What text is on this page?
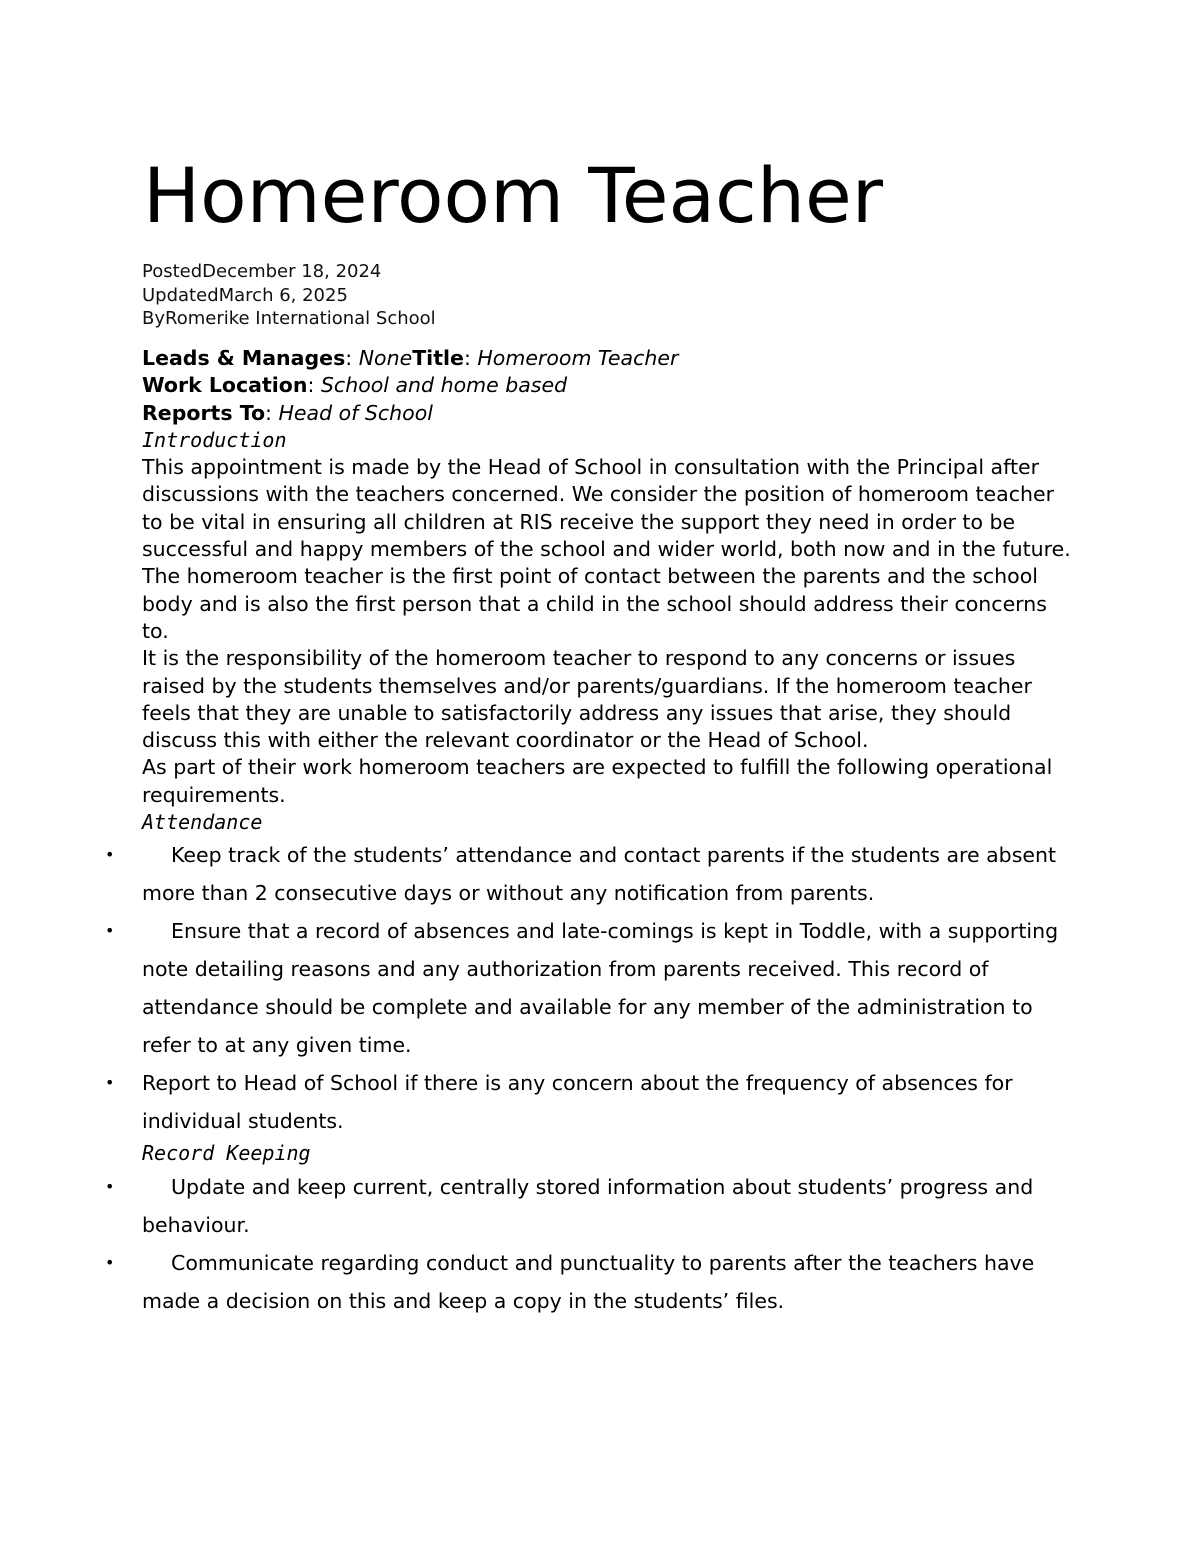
Homeroom Teacher
PostedDecember 18, 2024
UpdatedMarch 6, 2025
ByRomerike International School
Leads & Manages: NoneTitle: Homeroom Teacher
Work Location: School and home based
Reports To: Head of School
Introduction

This appointment is made by the Head of School in consultation with the Principal after discussions with the teachers concerned. We consider the position of homeroom teacher to be vital in ensuring all children at RIS receive the support they need in order to be successful and happy members of the school and wider world, both now and in the future.

The homeroom teacher is the first point of contact between the parents and the school body and is also the first person that a child in the school should address their concerns to.

It is the responsibility of the homeroom teacher to respond to any concerns or issues raised by the students themselves and/or parents/guardians. If the homeroom teacher feels that they are unable to satisfactorily address any issues that arise, they should discuss this with either the relevant coordinator or the Head of School.

As part of their work homeroom teachers are expected to fulfill the following operational requirements.

Attendance
•	Keep track of the students’ attendance and contact parents if the students are absent more than 2 consecutive days or without any notification from parents.
•	Ensure that a record of absences and late-comings is kept in Toddle, with a supporting note detailing reasons and any authorization from parents received. This record of attendance should be complete and available for any member of the administration to refer to at any given time.
• Report to Head of School if there is any concern about the frequency of absences for individual students.
Record Keeping
•	Update and keep current, centrally stored information about students’ progress and behaviour.
•	Communicate regarding conduct and punctuality to parents after the teachers have made a decision on this and keep a copy in the students’ files.
